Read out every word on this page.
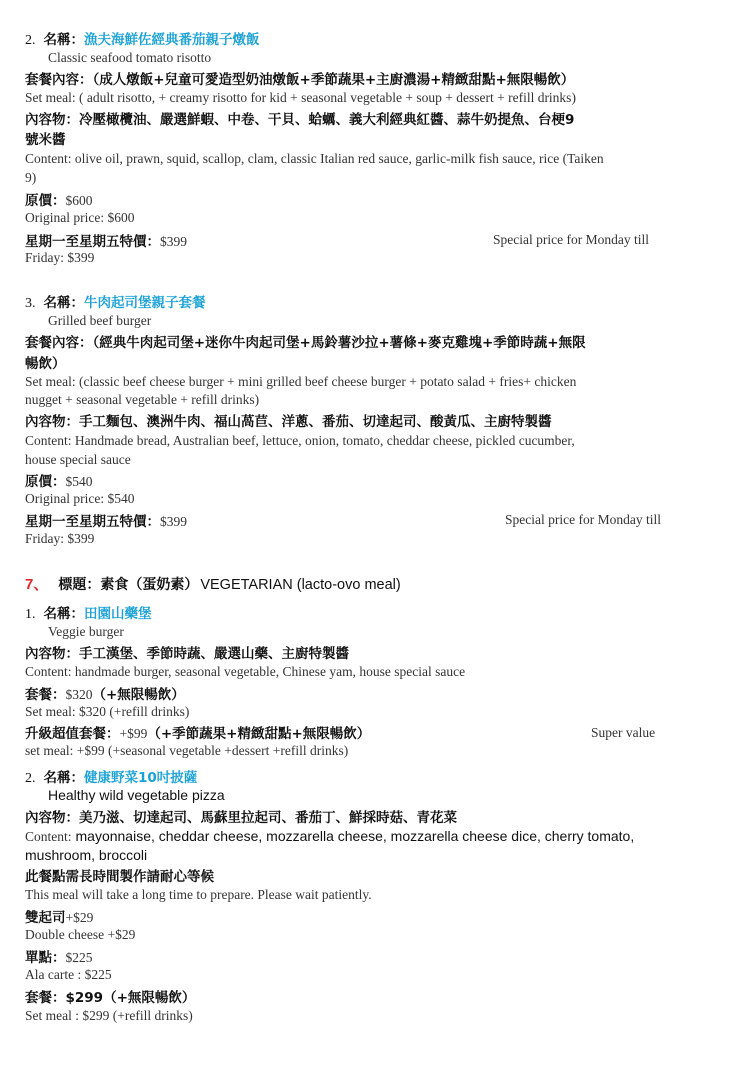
2. 名稱：漁夫海鮮佐經典番茄親子燉飯
Classic seafood tomato risotto
套餐內容：（成人燉飯+兒童可愛造型奶油燉飯+季節蔬果+主廚濃湯+精緻甜點+無限暢飲）
Set meal: ( adult risotto, + creamy risotto for kid + seasonal vegetable + soup + dessert + refill drinks)
內容物：冷壓橄欖油、嚴選鮮蝦、中卷、干貝、蛤蠣、義大利經典紅醬、蒜牛奶提魚、台梗9
號米醬
Content: olive oil, prawn, squid, scallop, clam, classic Italian red sauce, garlic-milk fish sauce, rice (Taiken
9)
原價：$600
Original price: $600
星期一至星期五特價：$399	Special price for Monday till
Friday: $399
3. 名稱：牛肉起司堡親子套餐
Grilled beef burger
套餐內容：（經典牛肉起司堡+迷你牛肉起司堡+馬鈴薯沙拉+薯條+麥克雞塊+季節時蔬+無限
暢飲）
Set meal: (classic beef cheese burger + mini grilled beef cheese burger + potato salad + fries+ chicken
nugget + seasonal vegetable + refill drinks)
內容物：手工麵包、澳洲牛肉、福山萵苣、洋蔥、番茄、切達起司、酸黃瓜、主廚特製醬
Content: Handmade bread, Australian beef, lettuce, onion, tomato, cheddar cheese, pickled cucumber,
house special sauce
原價：$540
Original price: $540
星期一至星期五特價：$399	Special price for Monday till
Friday: $399
7、 標題：素食（蛋奶素） VEGETARIAN (lacto-ovo meal)
1. 名稱：田園山藥堡
Veggie burger
內容物：手工漢堡、季節時蔬、嚴選山藥、主廚特製醬
Content: handmade burger, seasonal vegetable, Chinese yam, house special sauce
套餐：$320（+無限暢飲）
Set meal: $320 (+refill drinks)
升級超值套餐：+$99（+季節蔬果+精緻甜點+無限暢飲）	Super value
set meal: +$99 (+seasonal vegetable +dessert +refill drinks)
2. 名稱：健康野菜10吋披薩
Healthy wild vegetable pizza
內容物：美乃滋、切達起司、馬蘇里拉起司、番茄丁、鮮採時菇、青花菜
Content: mayonnaise, cheddar cheese, mozzarella cheese, mozzarella cheese dice, cherry tomato,
mushroom, broccoli
此餐點需長時間製作請耐心等候
This meal will take a long time to prepare. Please wait patiently.
雙起司+$29
Double cheese +$29
單點：$225
Ala carte : $225
套餐：$299（+無限暢飲）
Set meal : $299 (+refill drinks)
